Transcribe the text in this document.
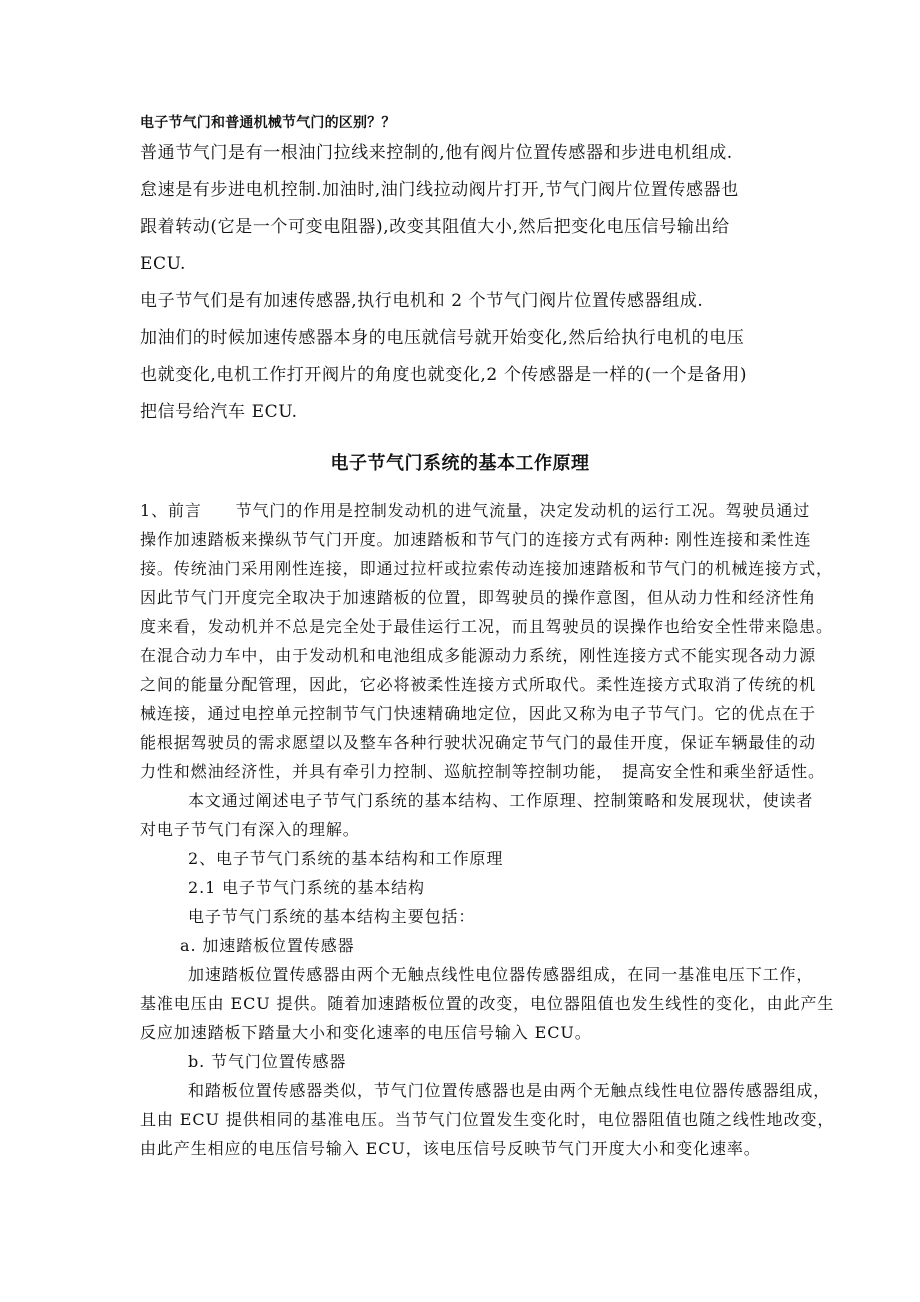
电子节气门和普通机械节气门的区别？？
普通节气门是有一根油门拉线来控制的,他有阀片位置传感器和步进电机组成.
怠速是有步进电机控制.加油时,油门线拉动阀片打开,节气门阀片位置传感器也
跟着转动(它是一个可变电阻器),改变其阻值大小,然后把变化电压信号输出给
ECU.
电子节气们是有加速传感器,执行电机和 2 个节气门阀片位置传感器组成.
加油们的时候加速传感器本身的电压就信号就开始变化,然后给执行电机的电压
也就变化,电机工作打开阀片的角度也就变化,2 个传感器是一样的(一个是备用)
把信号给汽车 ECU.
电子节气门系统的基本工作原理
1、前言　　节气门的作用是控制发动机的进气流量，决定发动机的运行工况。驾驶员通过
操作加速踏板来操纵节气门开度。加速踏板和节气门的连接方式有两种: 刚性连接和柔性连
接。传统油门采用刚性连接，即通过拉杆或拉索传动连接加速踏板和节气门的机械连接方式，
因此节气门开度完全取决于加速踏板的位置，即驾驶员的操作意图，但从动力性和经济性角
度来看，发动机并不总是完全处于最佳运行工况，而且驾驶员的误操作也给安全性带来隐患。
在混合动力车中，由于发动机和电池组成多能源动力系统，刚性连接方式不能实现各动力源
之间的能量分配管理，因此，它必将被柔性连接方式所取代。柔性连接方式取消了传统的机
械连接，通过电控单元控制节气门快速精确地定位，因此又称为电子节气门。它的优点在于
能根据驾驶员的需求愿望以及整车各种行驶状况确定节气门的最佳开度，保证车辆最佳的动
力性和燃油经济性，并具有牵引力控制、巡航控制等控制功能，　提高安全性和乘坐舒适性。
本文通过阐述电子节气门系统的基本结构、工作原理、控制策略和发展现状，使读者
对电子节气门有深入的理解。
2、电子节气门系统的基本结构和工作原理
2.1 电子节气门系统的基本结构
电子节气门系统的基本结构主要包括：
a. 加速踏板位置传感器
加速踏板位置传感器由两个无触点线性电位器传感器组成，在同一基准电压下工作，
基准电压由 ECU 提供。随着加速踏板位置的改变，电位器阻值也发生线性的变化，由此产生
反应加速踏板下踏量大小和变化速率的电压信号输入 ECU。
b. 节气门位置传感器
和踏板位置传感器类似，节气门位置传感器也是由两个无触点线性电位器传感器组成，
且由 ECU 提供相同的基准电压。当节气门位置发生变化时，电位器阻值也随之线性地改变，
由此产生相应的电压信号输入 ECU，该电压信号反映节气门开度大小和变化速率。
